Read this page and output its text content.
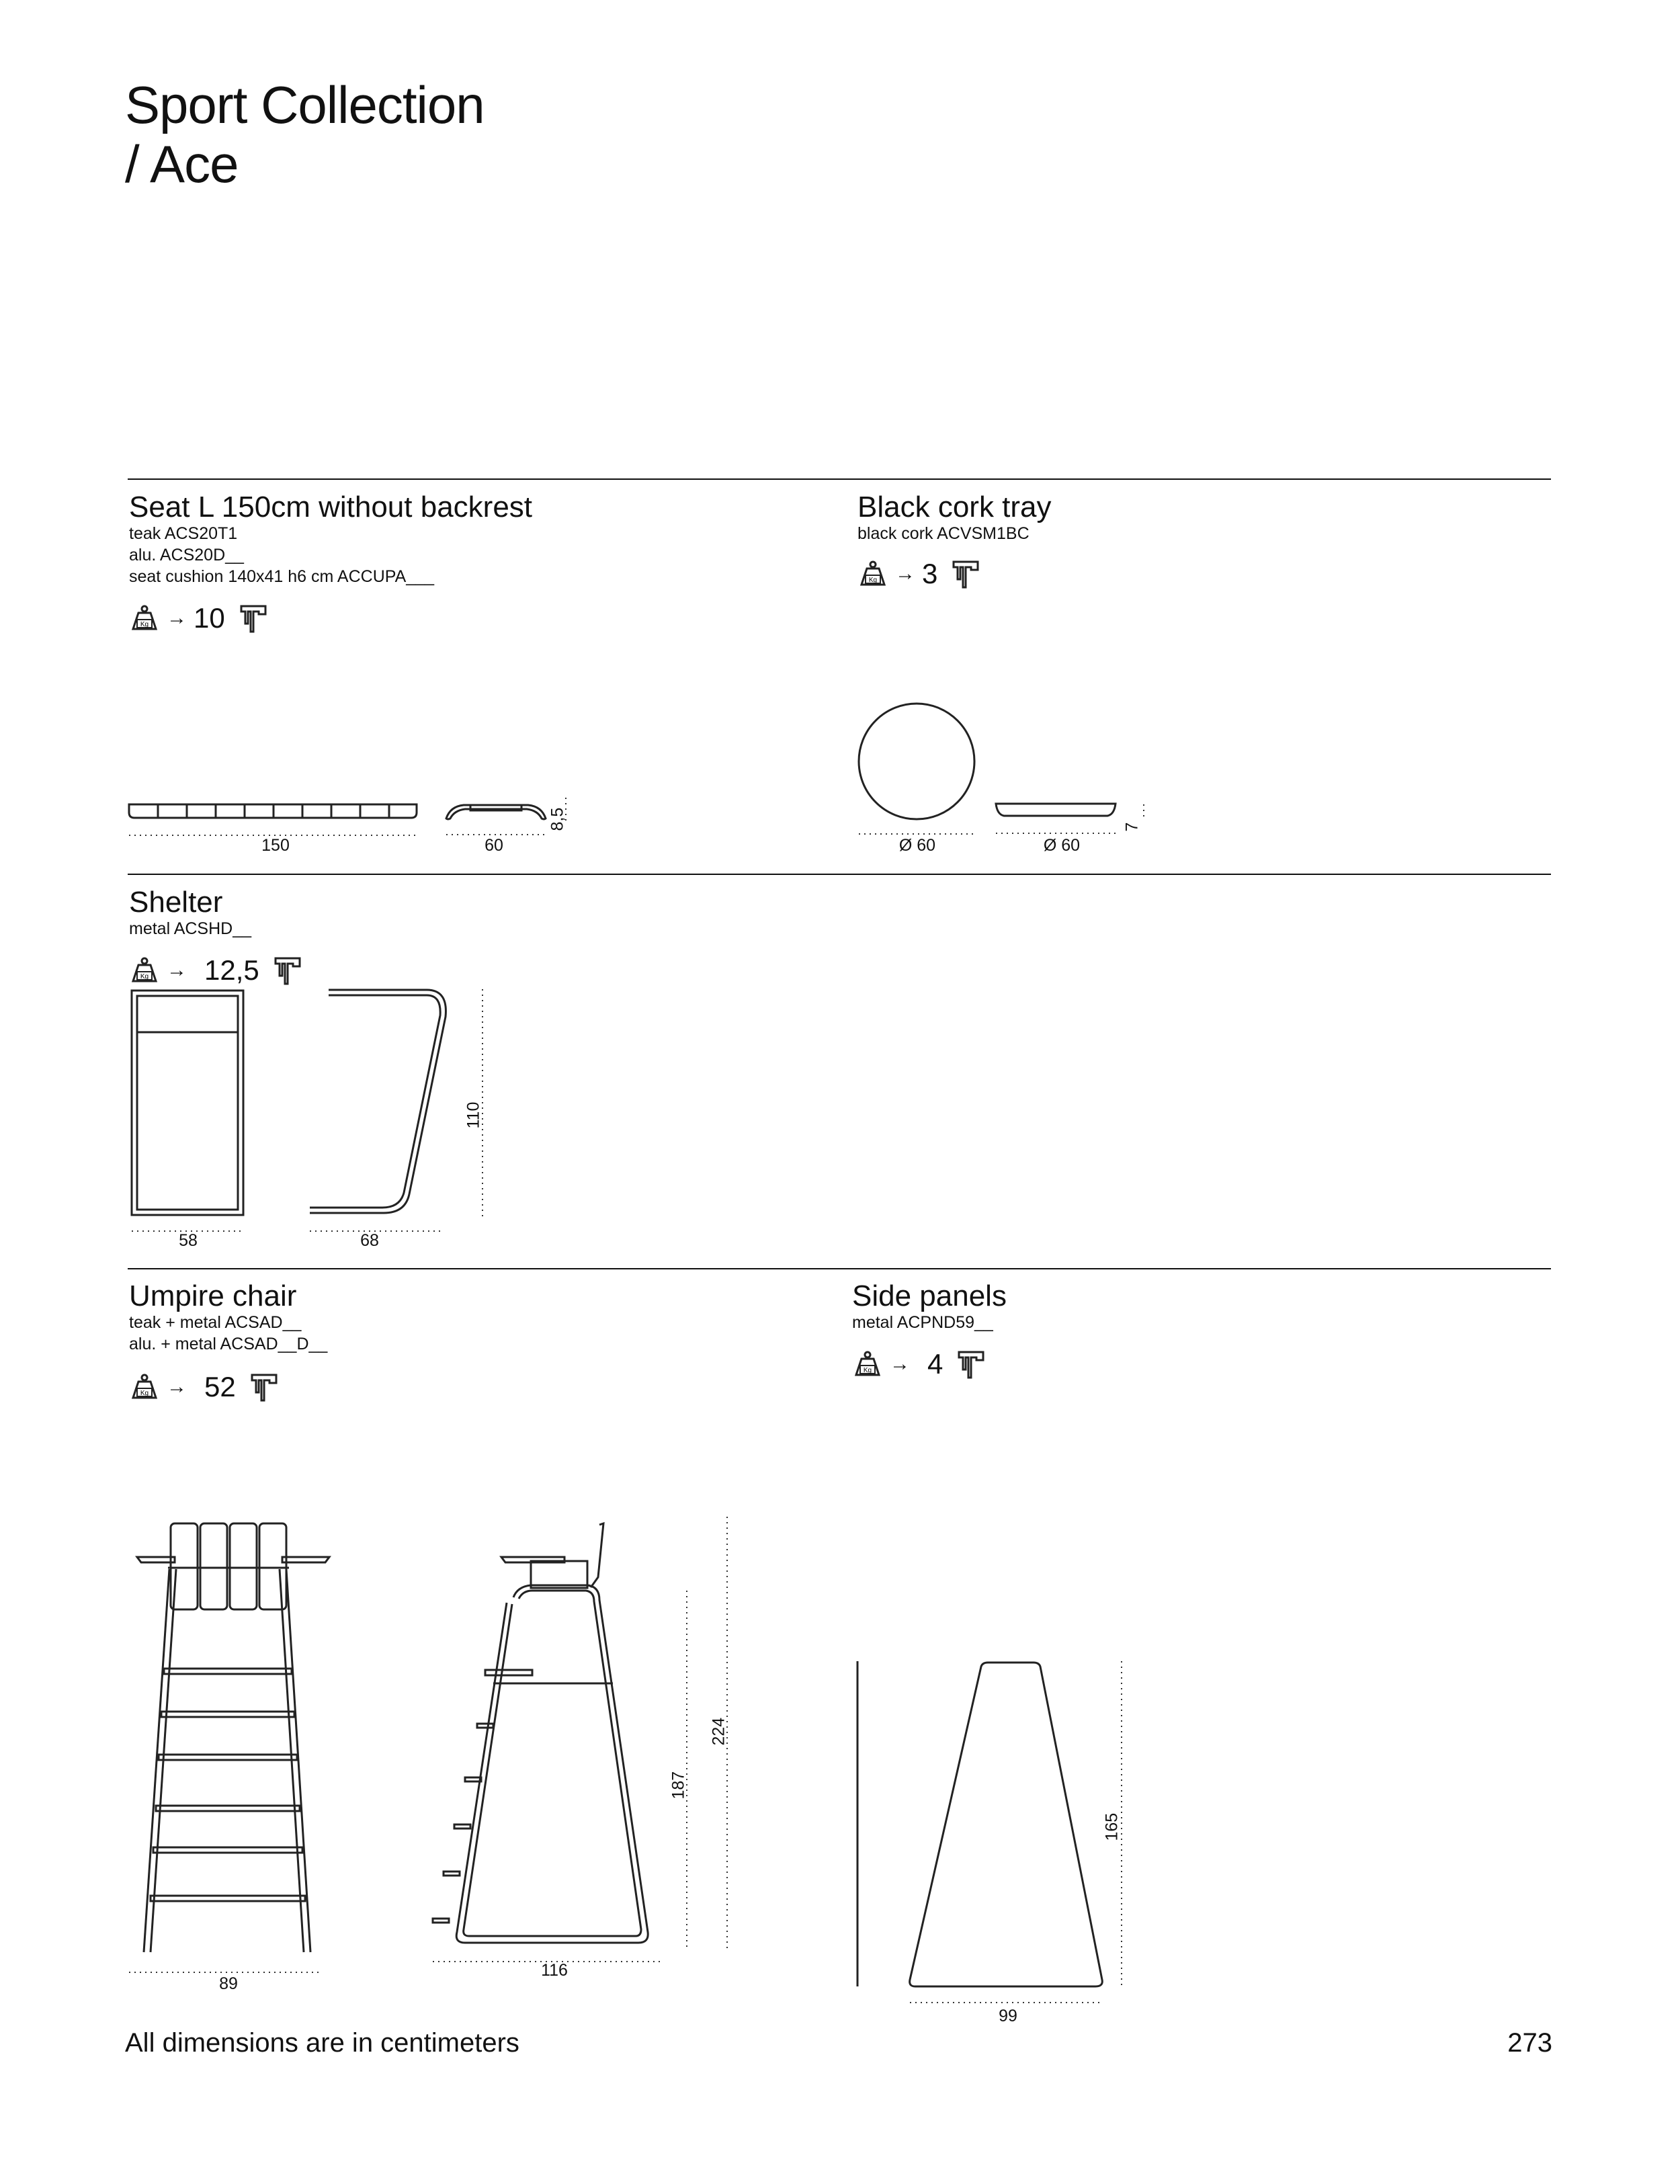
Sport Collection
/ Ace
Seat L 150cm without backrest
teak ACS20T1
alu. ACS20D__
seat cushion 140x41 h6 cm ACCUPA___
Kg → 10
150	60
8,5
Black cork tray
black cork ACVSM1BC
Kg → 3
Ø 60	Ø 60
7
Shelter
metal ACSHD__
Kg → 12,5
58	68
110
Umpire chair
teak + metal ACSAD__
alu. + metal ACSAD__D__
Kg → 52
89
116
187
224
Side panels
metal ACPND59__
Kg → 4
99
165
All dimensions are in centimeters	273
